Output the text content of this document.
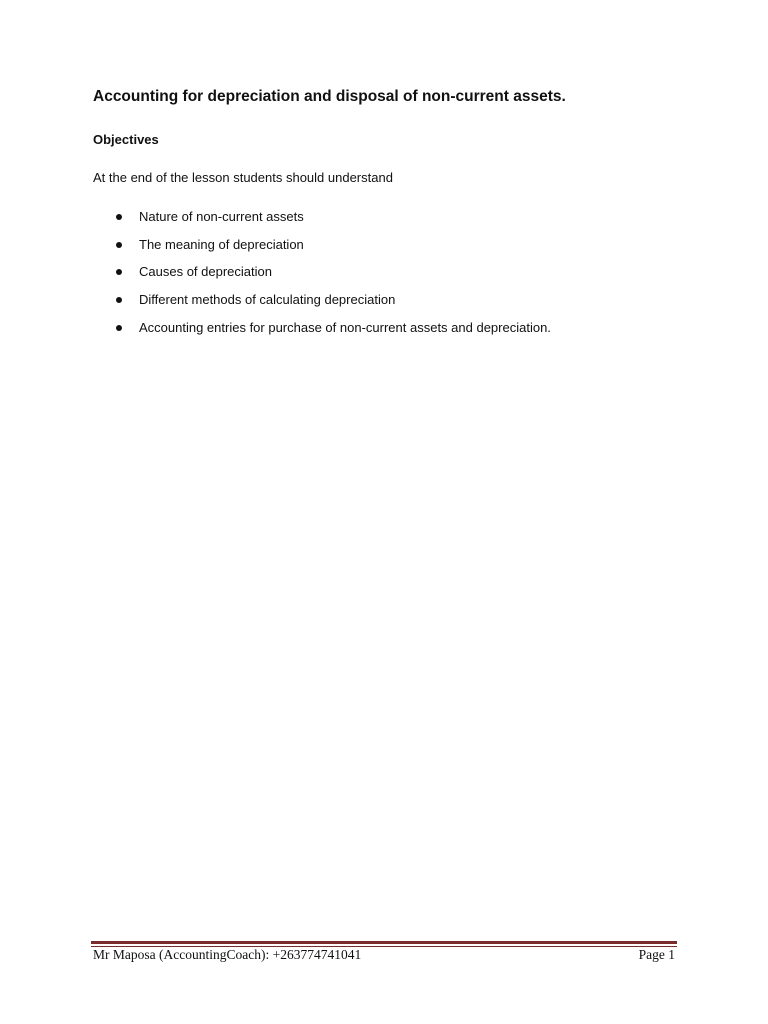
Accounting for depreciation and disposal of non-current assets.
Objectives

At the end of the lesson students should understand

Nature of non-current assets
The meaning of depreciation
Causes of depreciation
Different methods of calculating depreciation
Accounting entries for purchase of non-current assets and depreciation.
Mr Maposa (AccountingCoach): +263774741041	Page 1
